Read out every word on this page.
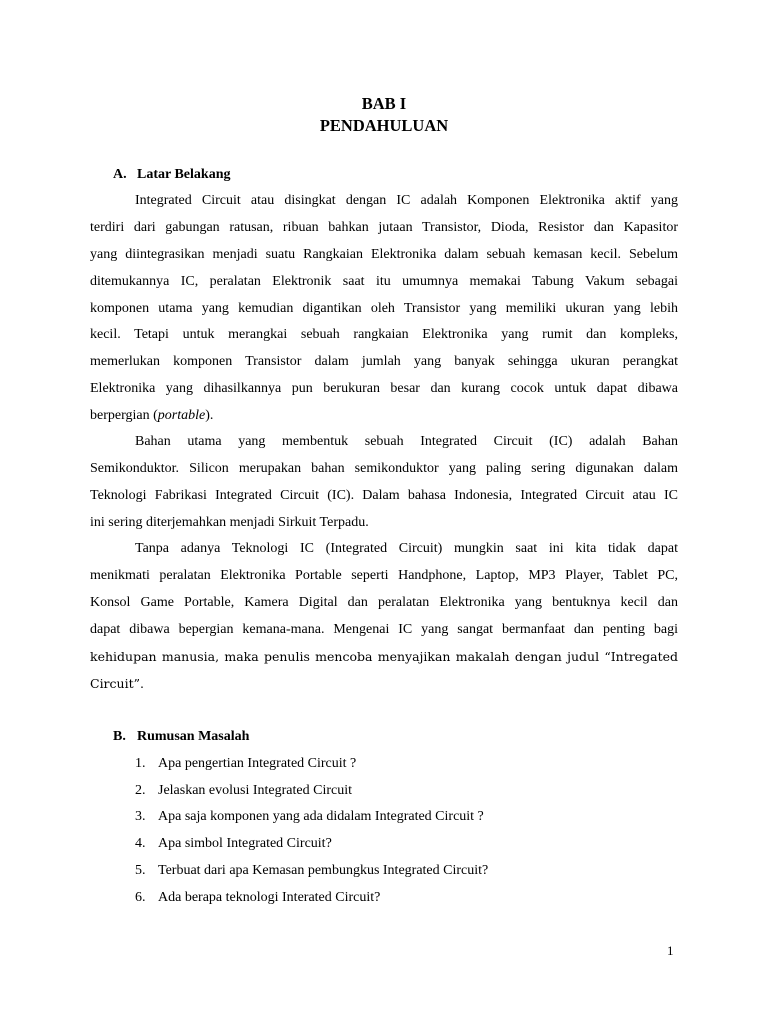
BAB I
PENDAHULUAN
A. Latar Belakang
Integrated Circuit atau disingkat dengan IC adalah Komponen Elektronika aktif yang
terdiri dari gabungan ratusan, ribuan bahkan jutaan Transistor, Dioda, Resistor dan Kapasitor
yang diintegrasikan menjadi suatu Rangkaian Elektronika dalam sebuah kemasan kecil. Sebelum
ditemukannya IC, peralatan Elektronik saat itu umumnya memakai Tabung Vakum sebagai
komponen utama yang kemudian digantikan oleh Transistor yang memiliki ukuran yang lebih
kecil. Tetapi untuk merangkai sebuah rangkaian Elektronika yang rumit dan kompleks,
memerlukan komponen Transistor dalam jumlah yang banyak sehingga ukuran perangkat
Elektronika yang dihasilkannya pun berukuran besar dan kurang cocok untuk dapat dibawa
berpergian (portable).
Bahan utama yang membentuk sebuah Integrated Circuit (IC) adalah Bahan
Semikonduktor. Silicon merupakan bahan semikonduktor yang paling sering digunakan dalam
Teknologi Fabrikasi Integrated Circuit (IC). Dalam bahasa Indonesia, Integrated Circuit atau IC
ini sering diterjemahkan menjadi Sirkuit Terpadu.
Tanpa adanya Teknologi IC (Integrated Circuit) mungkin saat ini kita tidak dapat
menikmati peralatan Elektronika Portable seperti Handphone, Laptop, MP3 Player, Tablet PC,
Konsol Game Portable, Kamera Digital dan peralatan Elektronika yang bentuknya kecil dan
dapat dibawa bepergian kemana-mana. Mengenai IC yang sangat bermanfaat dan penting bagi
kehidupan manusia, maka penulis mencoba menyajikan makalah dengan judul “Intregated
Circuit”.
B. Rumusan Masalah
1. Apa pengertian Integrated Circuit ?
2. Jelaskan evolusi Integrated Circuit
3. Apa saja komponen yang ada didalam Integrated Circuit ?
4. Apa simbol Integrated Circuit?
5. Terbuat dari apa Kemasan pembungkus Integrated Circuit?
6. Ada berapa teknologi Interated Circuit?
1
